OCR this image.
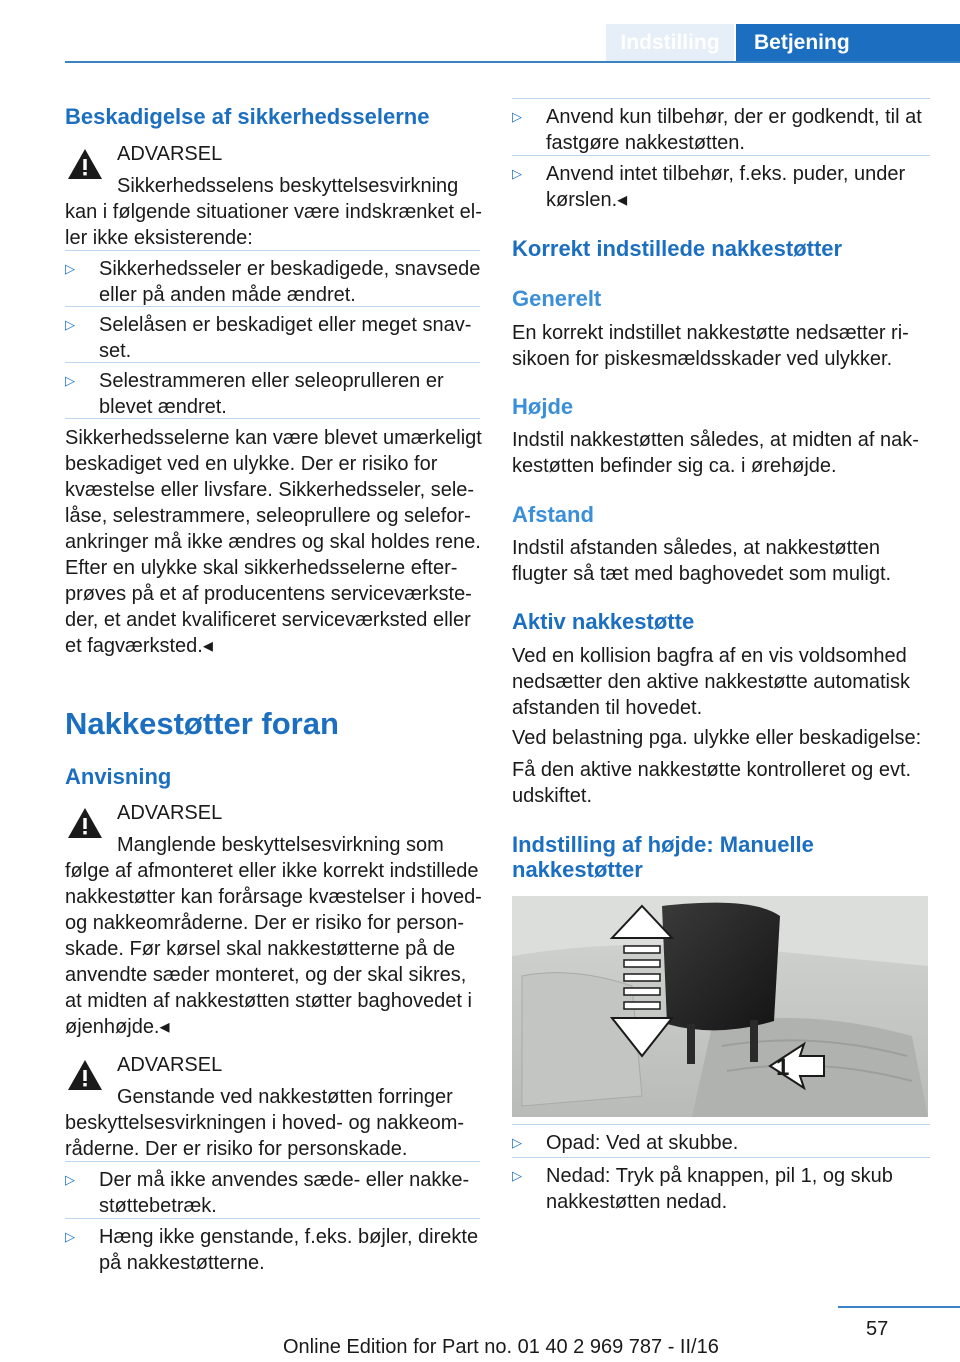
Indstilling	Betjening
Beskadigelse af sikkerhedsselerne
ADVARSEL
Sikkerhedsselens beskyttelsesvirkning
kan i følgende situationer være indskrænket el-
ler ikke eksisterende:
▷ Sikkerhedsseler er beskadigede, snavsede
eller på anden måde ændret.
▷ Selelåsen er beskadiget eller meget snav-
set.
▷ Selestrammeren eller seleoprulleren er
blevet ændret.
Sikkerhedsselerne kan være blevet umærkeligt
beskadiget ved en ulykke. Der er risiko for
kvæstelse eller livsfare. Sikkerhedsseler, sele-
låse, selestrammere, seleoprullere og selefor-
ankringer må ikke ændres og skal holdes rene.
Efter en ulykke skal sikkerhedsselerne efter-
prøves på et af producentens serviceværkste-
der, et andet kvalificeret serviceværksted eller
et fagværksted.◂
Nakkestøtter foran
Anvisning
ADVARSEL
Manglende beskyttelsesvirkning som
følge af afmonteret eller ikke korrekt indstillede
nakkestøtter kan forårsage kvæstelser i hoved-
og nakkeområderne. Der er risiko for person-
skade. Før kørsel skal nakkestøtterne på de
anvendte sæder monteret, og der skal sikres,
at midten af nakkestøtten støtter baghovedet i
øjenhøjde.◂
ADVARSEL
Genstande ved nakkestøtten forringer
beskyttelsesvirkningen i hoved- og nakkeom-
råderne. Der er risiko for personskade.
▷ Der må ikke anvendes sæde- eller nakke-
støttebetræk.
▷ Hæng ikke genstande, f.eks. bøjler, direkte
på nakkestøtterne.
▷ Anvend kun tilbehør, der er godkendt, til at
fastgøre nakkestøtten.
▷ Anvend intet tilbehør, f.eks. puder, under
kørslen.◂
Korrekt indstillede nakkestøtter
Generelt
En korrekt indstillet nakkestøtte nedsætter ri-
sikoen for piskesmældsskader ved ulykker.
Højde
Indstil nakkestøtten således, at midten af nak-
kestøtten befinder sig ca. i ørehøjde.
Afstand
Indstil afstanden således, at nakkestøtten
flugter så tæt med baghovedet som muligt.
Aktiv nakkestøtte
Ved en kollision bagfra af en vis voldsomhed
nedsætter den aktive nakkestøtte automatisk
afstanden til hovedet.
Ved belastning pga. ulykke eller beskadigelse:
Få den aktive nakkestøtte kontrolleret og evt.
udskiftet.
Indstilling af højde: Manuelle
nakkestøtter
1
▷ Opad: Ved at skubbe.
▷ Nedad: Tryk på knappen, pil 1, og skub
nakkestøtten nedad.
57
Online Edition for Part no. 01 40 2 969 787 - II/16
